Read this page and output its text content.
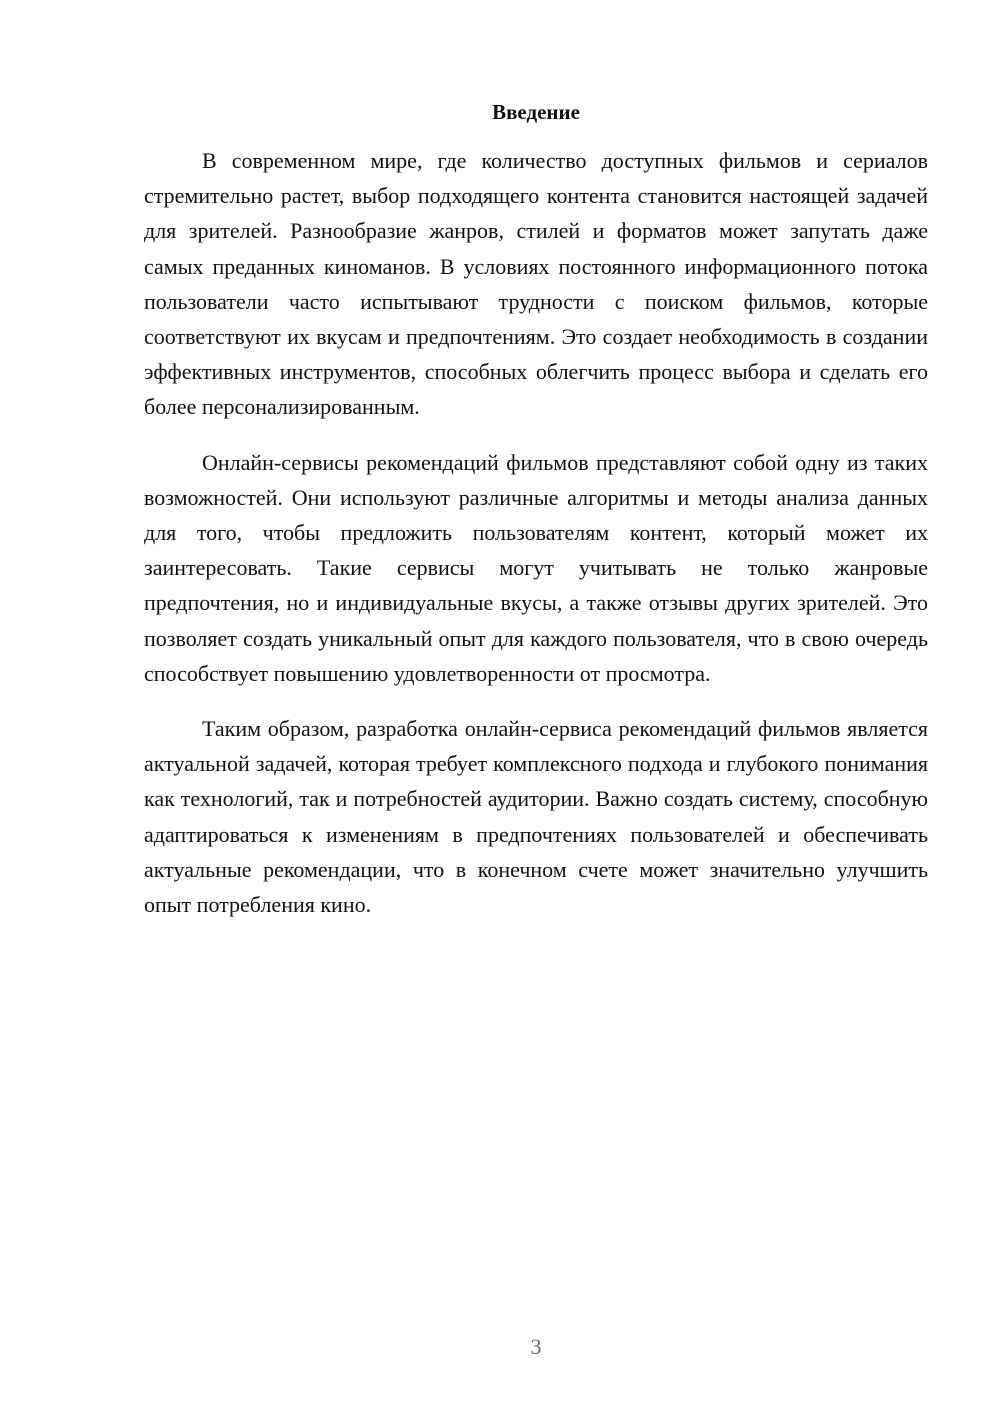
Введение

В современном мире, где количество доступных фильмов и сериалов стремительно растет, выбор подходящего контента становится настоящей задачей для зрителей. Разнообразие жанров, стилей и форматов может запутать даже самых преданных киноманов. В условиях постоянного информационного потока пользователи часто испытывают трудности с поиском фильмов, которые соответствуют их вкусам и предпочтениям. Это создает необходимость в создании эффективных инструментов, способных облегчить процесс выбора и сделать его более персонализированным.

Онлайн-сервисы рекомендаций фильмов представляют собой одну из таких возможностей. Они используют различные алгоритмы и методы анализа данных для того, чтобы предложить пользователям контент, который может их заинтересовать. Такие сервисы могут учитывать не только жанровые предпочтения, но и индивидуальные вкусы, а также отзывы других зрителей. Это позволяет создать уникальный опыт для каждого пользователя, что в свою очередь способствует повышению удовлетворенности от просмотра.

Таким образом, разработка онлайн-сервиса рекомендаций фильмов является актуальной задачей, которая требует комплексного подхода и глубокого понимания как технологий, так и потребностей аудитории. Важно создать систему, способную адаптироваться к изменениям в предпочтениях пользователей и обеспечивать актуальные рекомендации, что в конечном счете может значительно улучшить опыт потребления кино.

3
